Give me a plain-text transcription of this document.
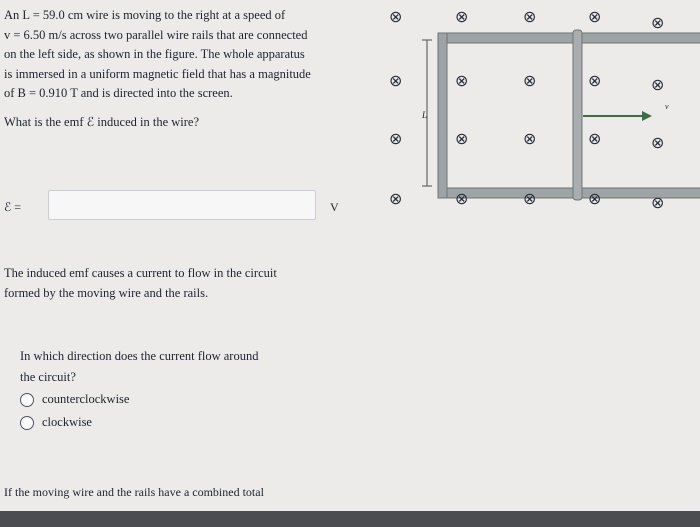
An L = 59.0 cm wire is moving to the right at a speed of

v = 6.50 m/s across two parallel wire rails that are connected

on the left side, as shown in the figure. The whole apparatus

is immersed in a uniform magnetic field that has a magnitude

of B = 0.910 T and is directed into the screen.

What is the emf ℰ induced in the wire?
ℰ =	V
The induced emf causes a current to flow in the circuit
formed by the moving wire and the rails.
In which direction does the current flow around
the circuit?
counterclockwise
clockwise
If the moving wire and the rails have a combined total
L
v
⊗	⊗	⊗	⊗	⊗
⊗	⊗	⊗	⊗	⊗
⊗	⊗	⊗	⊗	⊗
⊗	⊗	⊗	⊗	⊗
